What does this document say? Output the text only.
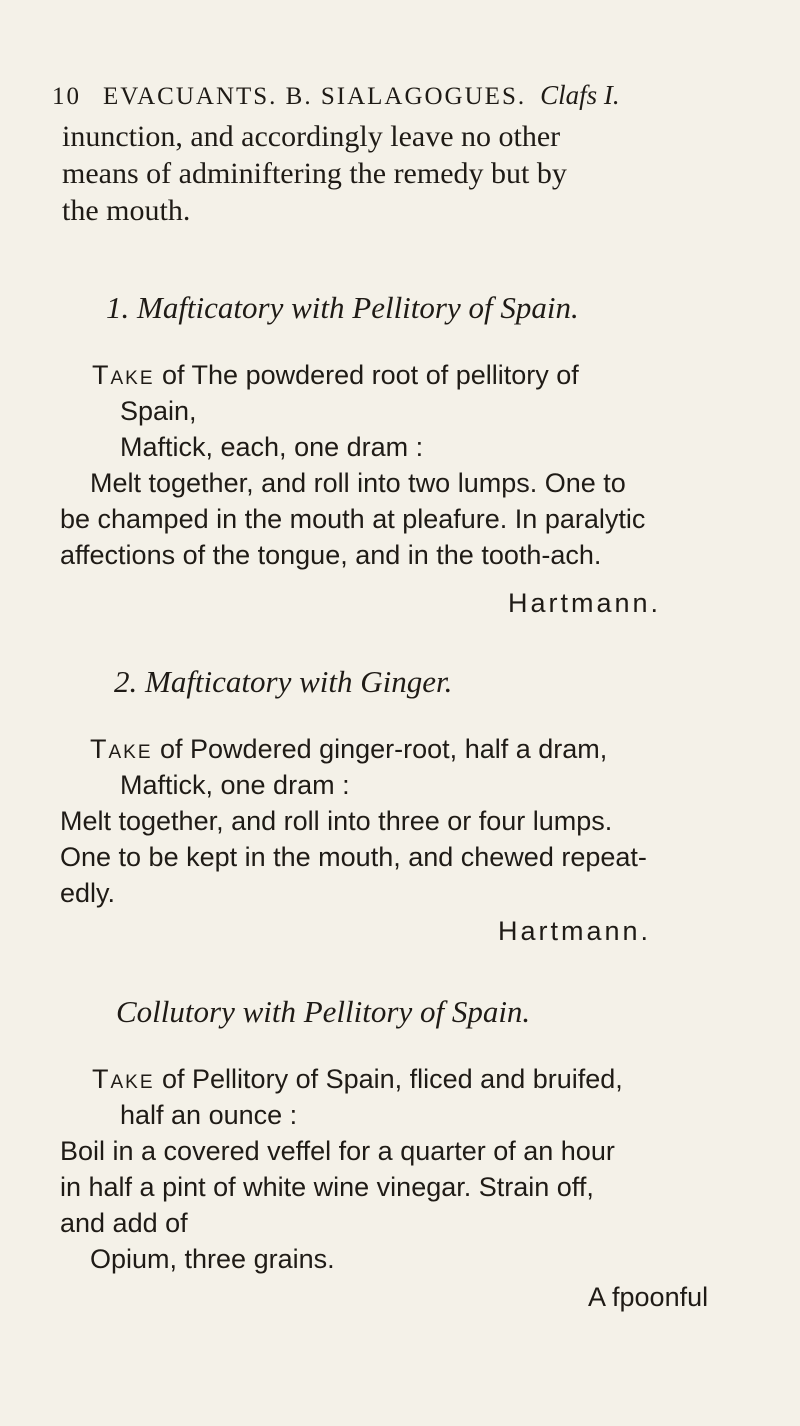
10 EVACUANTS. B. SIALAGOGUES. Clafs I.
inunction, and accordingly leave no other
means of adminiftering the remedy but by
the mouth.
1. Mafticatory with Pellitory of Spain.
Take of The powdered root of pellitory of
Spain,
Maftick, each, one dram :
Melt together, and roll into two lumps. One to
be champed in the mouth at pleafure. In paralytic
affections of the tongue, and in the tooth-ach.
Hartmann.
2. Mafticatory with Ginger.
Take of Powdered ginger-root, half a dram,
Maftick, one dram :
Melt together, and roll into three or four lumps.
One to be kept in the mouth, and chewed repeat-
edly.
Hartmann.
Collutory with Pellitory of Spain.
Take of Pellitory of Spain, fliced and bruifed,
half an ounce :
Boil in a covered veffel for a quarter of an hour
in half a pint of white wine vinegar. Strain off,
and add of
Opium, three grains.
A fpoonful
